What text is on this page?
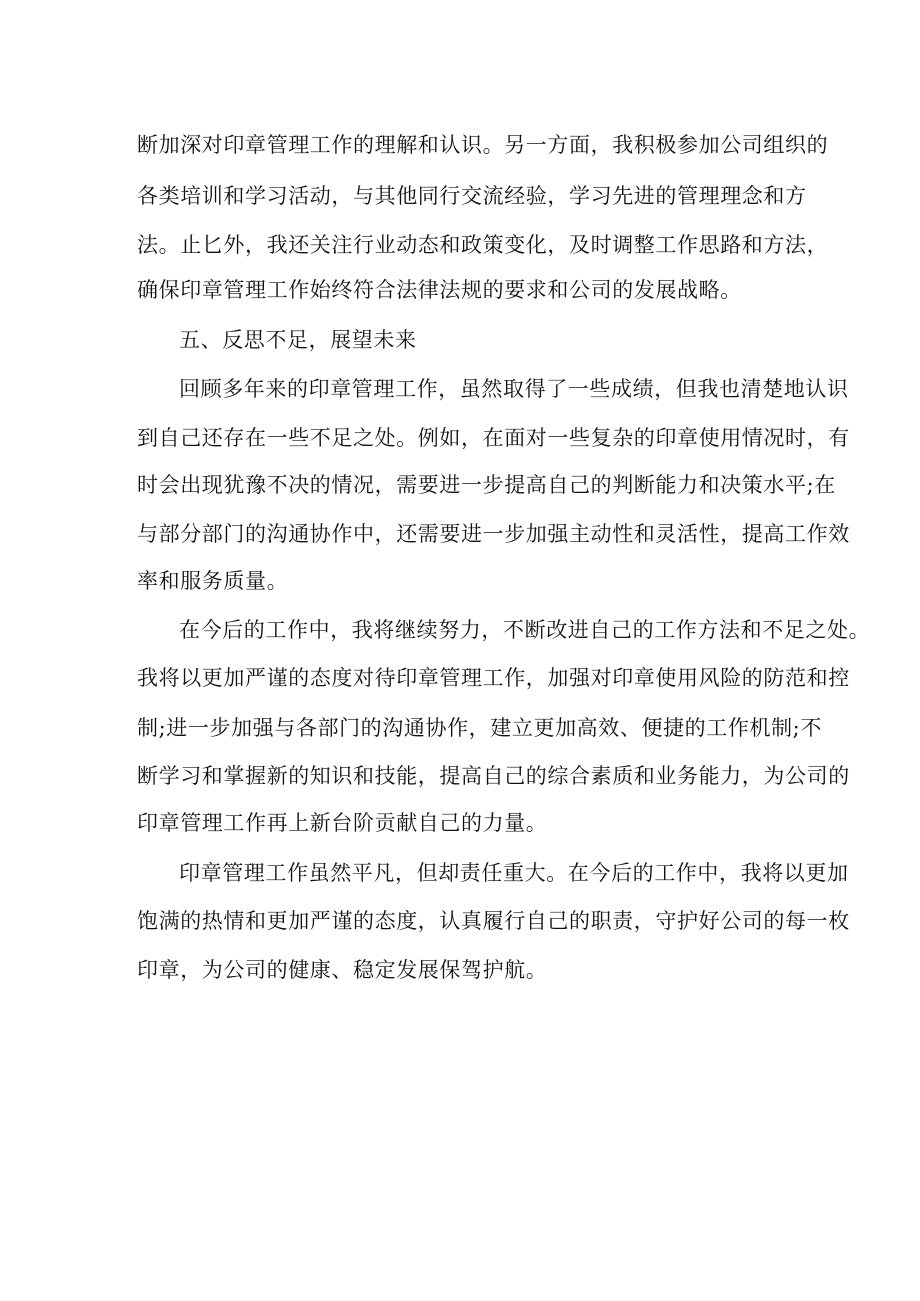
断加深对印章管理工作的理解和认识。另一方面，我积极参加公司组织的
各类培训和学习活动，与其他同行交流经验，学习先进的管理理念和方
法。止匕外，我还关注行业动态和政策变化，及时调整工作思路和方法，
确保印章管理工作始终符合法律法规的要求和公司的发展战略。
五、反思不足，展望未来
回顾多年来的印章管理工作，虽然取得了一些成绩，但我也清楚地认识
到自己还存在一些不足之处。例如，在面对一些复杂的印章使用情况时，有
时会出现犹豫不决的情况，需要进一步提高自己的判断能力和决策水平;在
与部分部门的沟通协作中，还需要进一步加强主动性和灵活性，提高工作效
率和服务质量。
在今后的工作中，我将继续努力，不断改进自己的工作方法和不足之处。
我将以更加严谨的态度对待印章管理工作，加强对印章使用风险的防范和控
制;进一步加强与各部门的沟通协作，建立更加高效、便捷的工作机制;不
断学习和掌握新的知识和技能，提高自己的综合素质和业务能力，为公司的
印章管理工作再上新台阶贡献自己的力量。
印章管理工作虽然平凡，但却责任重大。在今后的工作中，我将以更加
饱满的热情和更加严谨的态度，认真履行自己的职责，守护好公司的每一枚
印章，为公司的健康、稳定发展保驾护航。
